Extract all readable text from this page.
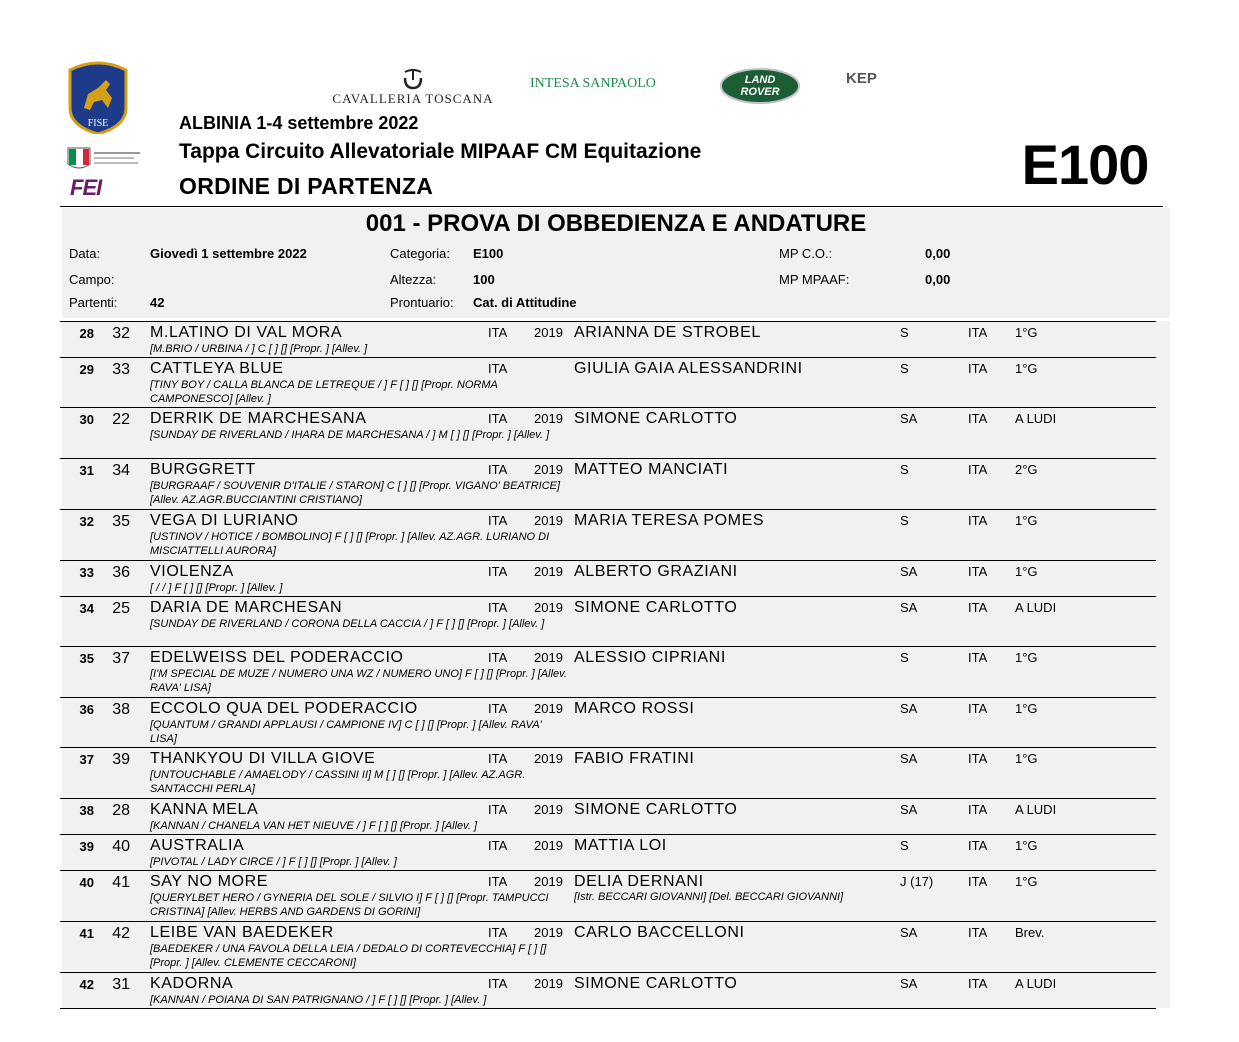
FISE
FEI
CAVALLERIA TOSCANA
INTESA SANPAOLO	LAND
ROVER
KEP
ALBINIA 1-4 settembre 2022
Tappa Circuito Allevatoriale MIPAAF CM Equitazione
ORDINE DI PARTENZA	E100
001 - PROVA DI OBBEDIENZA E ANDATURE
Data:	Giovedì 1 settembre 2022
Campo:
Partenti:	42
Categoria: E100
Altezza:	100
Prontuario: Cat. di Attitudine
MP C.O.:	0,00
MP MPAAF:	0,00
28	32 M.LATINO DI VAL MORA
[M.BRIO / URBINA / ] C [ ] [] [Propr. ] [Allev. ]
ITA 2019 ARIANNA DE STROBEL	S	ITA 1°G
29	33 CATTLEYA BLUE
[TINY BOY / CALLA BLANCA DE LETREQUE / ] F [ ] [] [Propr. NORMA CAMPONESCO] [Allev. ]
ITA	GIULIA GAIA ALESSANDRINI	S	ITA 1°G
30	22 DERRIK DE MARCHESANA
[SUNDAY DE RIVERLAND / IHARA DE MARCHESANA / ] M [ ] [] [Propr. ] [Allev. ]
ITA 2019 SIMONE CARLOTTO	SA	ITA A LUDI
31	34 BURGGRETT
[BURGRAAF / SOUVENIR D'ITALIE / STARON] C [ ] [] [Propr. VIGANO' BEATRICE] [Allev. AZ.AGR.BUCCIANTINI CRISTIANO]
ITA 2019 MATTEO MANCIATI	S	ITA 2°G
32	35 VEGA DI LURIANO
[USTINOV / HOTICE / BOMBOLINO] F [ ] [] [Propr. ] [Allev. AZ.AGR. LURIANO DI MISCIATTELLI AURORA]
ITA 2019 MARIA TERESA POMES	S	ITA 1°G
33	36 VIOLENZA
[ / / ] F [ ] [] [Propr. ] [Allev. ]
ITA 2019 ALBERTO GRAZIANI	SA	ITA 1°G
34	25 DARIA DE MARCHESAN
[SUNDAY DE RIVERLAND / CORONA DELLA CACCIA / ] F [ ] [] [Propr. ] [Allev. ]
ITA 2019 SIMONE CARLOTTO	SA	ITA A LUDI
35	37 EDELWEISS DEL PODERACCIO
[I'M SPECIAL DE MUZE / NUMERO UNA WZ / NUMERO UNO] F [ ] [] [Propr. ] [Allev. RAVA' LISA]
ITA 2019 ALESSIO CIPRIANI	S	ITA 1°G
36	38 ECCOLO QUA DEL PODERACCIO
[QUANTUM / GRANDI APPLAUSI / CAMPIONE IV] C [ ] [] [Propr. ] [Allev. RAVA' LISA]
ITA 2019 MARCO ROSSI	SA	ITA 1°G
37	39 THANKYOU DI VILLA GIOVE
[UNTOUCHABLE / AMAELODY / CASSINI II] M [ ] [] [Propr. ] [Allev. AZ.AGR. SANTACCHI PERLA]
ITA 2019 FABIO FRATINI	SA	ITA 1°G
38	28 KANNA MELA
[KANNAN / CHANELA VAN HET NIEUVE / ] F [ ] [] [Propr. ] [Allev. ]
ITA 2019 SIMONE CARLOTTO	SA	ITA A LUDI
39	40 AUSTRALIA
[PIVOTAL / LADY CIRCE / ] F [ ] [] [Propr. ] [Allev. ]
ITA 2019 MATTIA LOI	S	ITA 1°G
40	41 SAY NO MORE
[QUERYLBET HERO / GYNERIA DEL SOLE / SILVIO I] F [ ] [] [Propr. TAMPUCCI CRISTINA] [Allev. HERBS AND GARDENS DI GORINI]
ITA 2019 DELIA DERNANI
[Istr. BECCARI GIOVANNI] [Del. BECCARI GIOVANNI]
J (17)	ITA 1°G
41	42 LEIBE VAN BAEDEKER
[BAEDEKER / UNA FAVOLA DELLA LEIA / DEDALO DI CORTEVECCHIA] F [ ] [] [Propr. ] [Allev. CLEMENTE CECCARONI]
ITA 2019 CARLO BACCELLONI	SA	ITA Brev.
42	31 KADORNA
[KANNAN / POIANA DI SAN PATRIGNANO / ] F [ ] [] [Propr. ] [Allev. ]
ITA 2019 SIMONE CARLOTTO	SA	ITA A LUDI
